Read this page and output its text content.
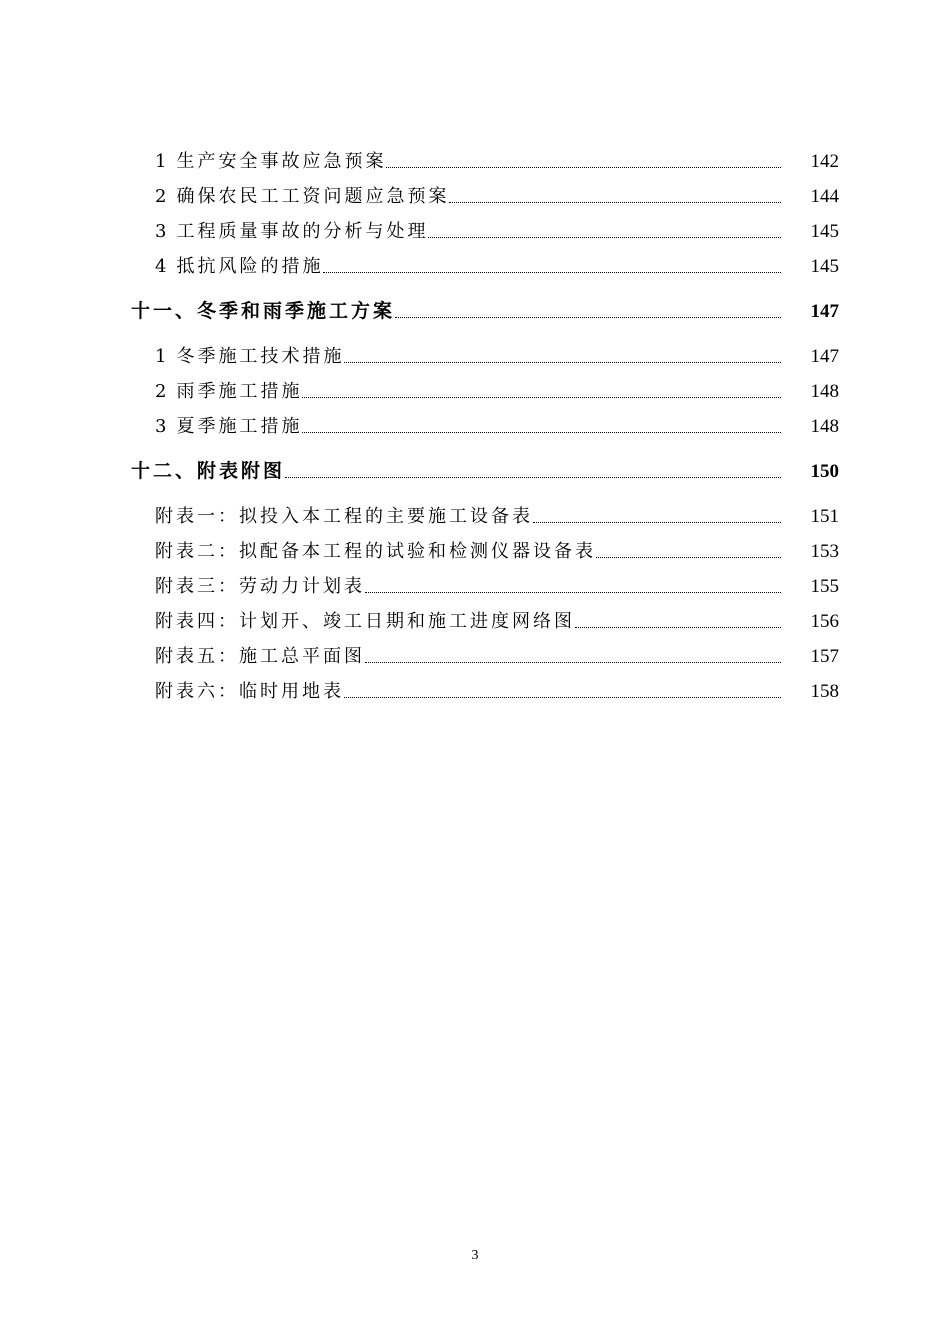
1 生产安全事故应急预案	142
2 确保农民工工资问题应急预案	144
3 工程质量事故的分析与处理	145
4 抵抗风险的措施	145
十一、冬季和雨季施工方案	147
1 冬季施工技术措施	147
2 雨季施工措施	148
3 夏季施工措施	148
十二、附表附图	150
附表一：拟投入本工程的主要施工设备表	151
附表二：拟配备本工程的试验和检测仪器设备表	153
附表三：劳动力计划表	155
附表四：计划开、竣工日期和施工进度网络图	156
附表五：施工总平面图	157
附表六：临时用地表	158
3
